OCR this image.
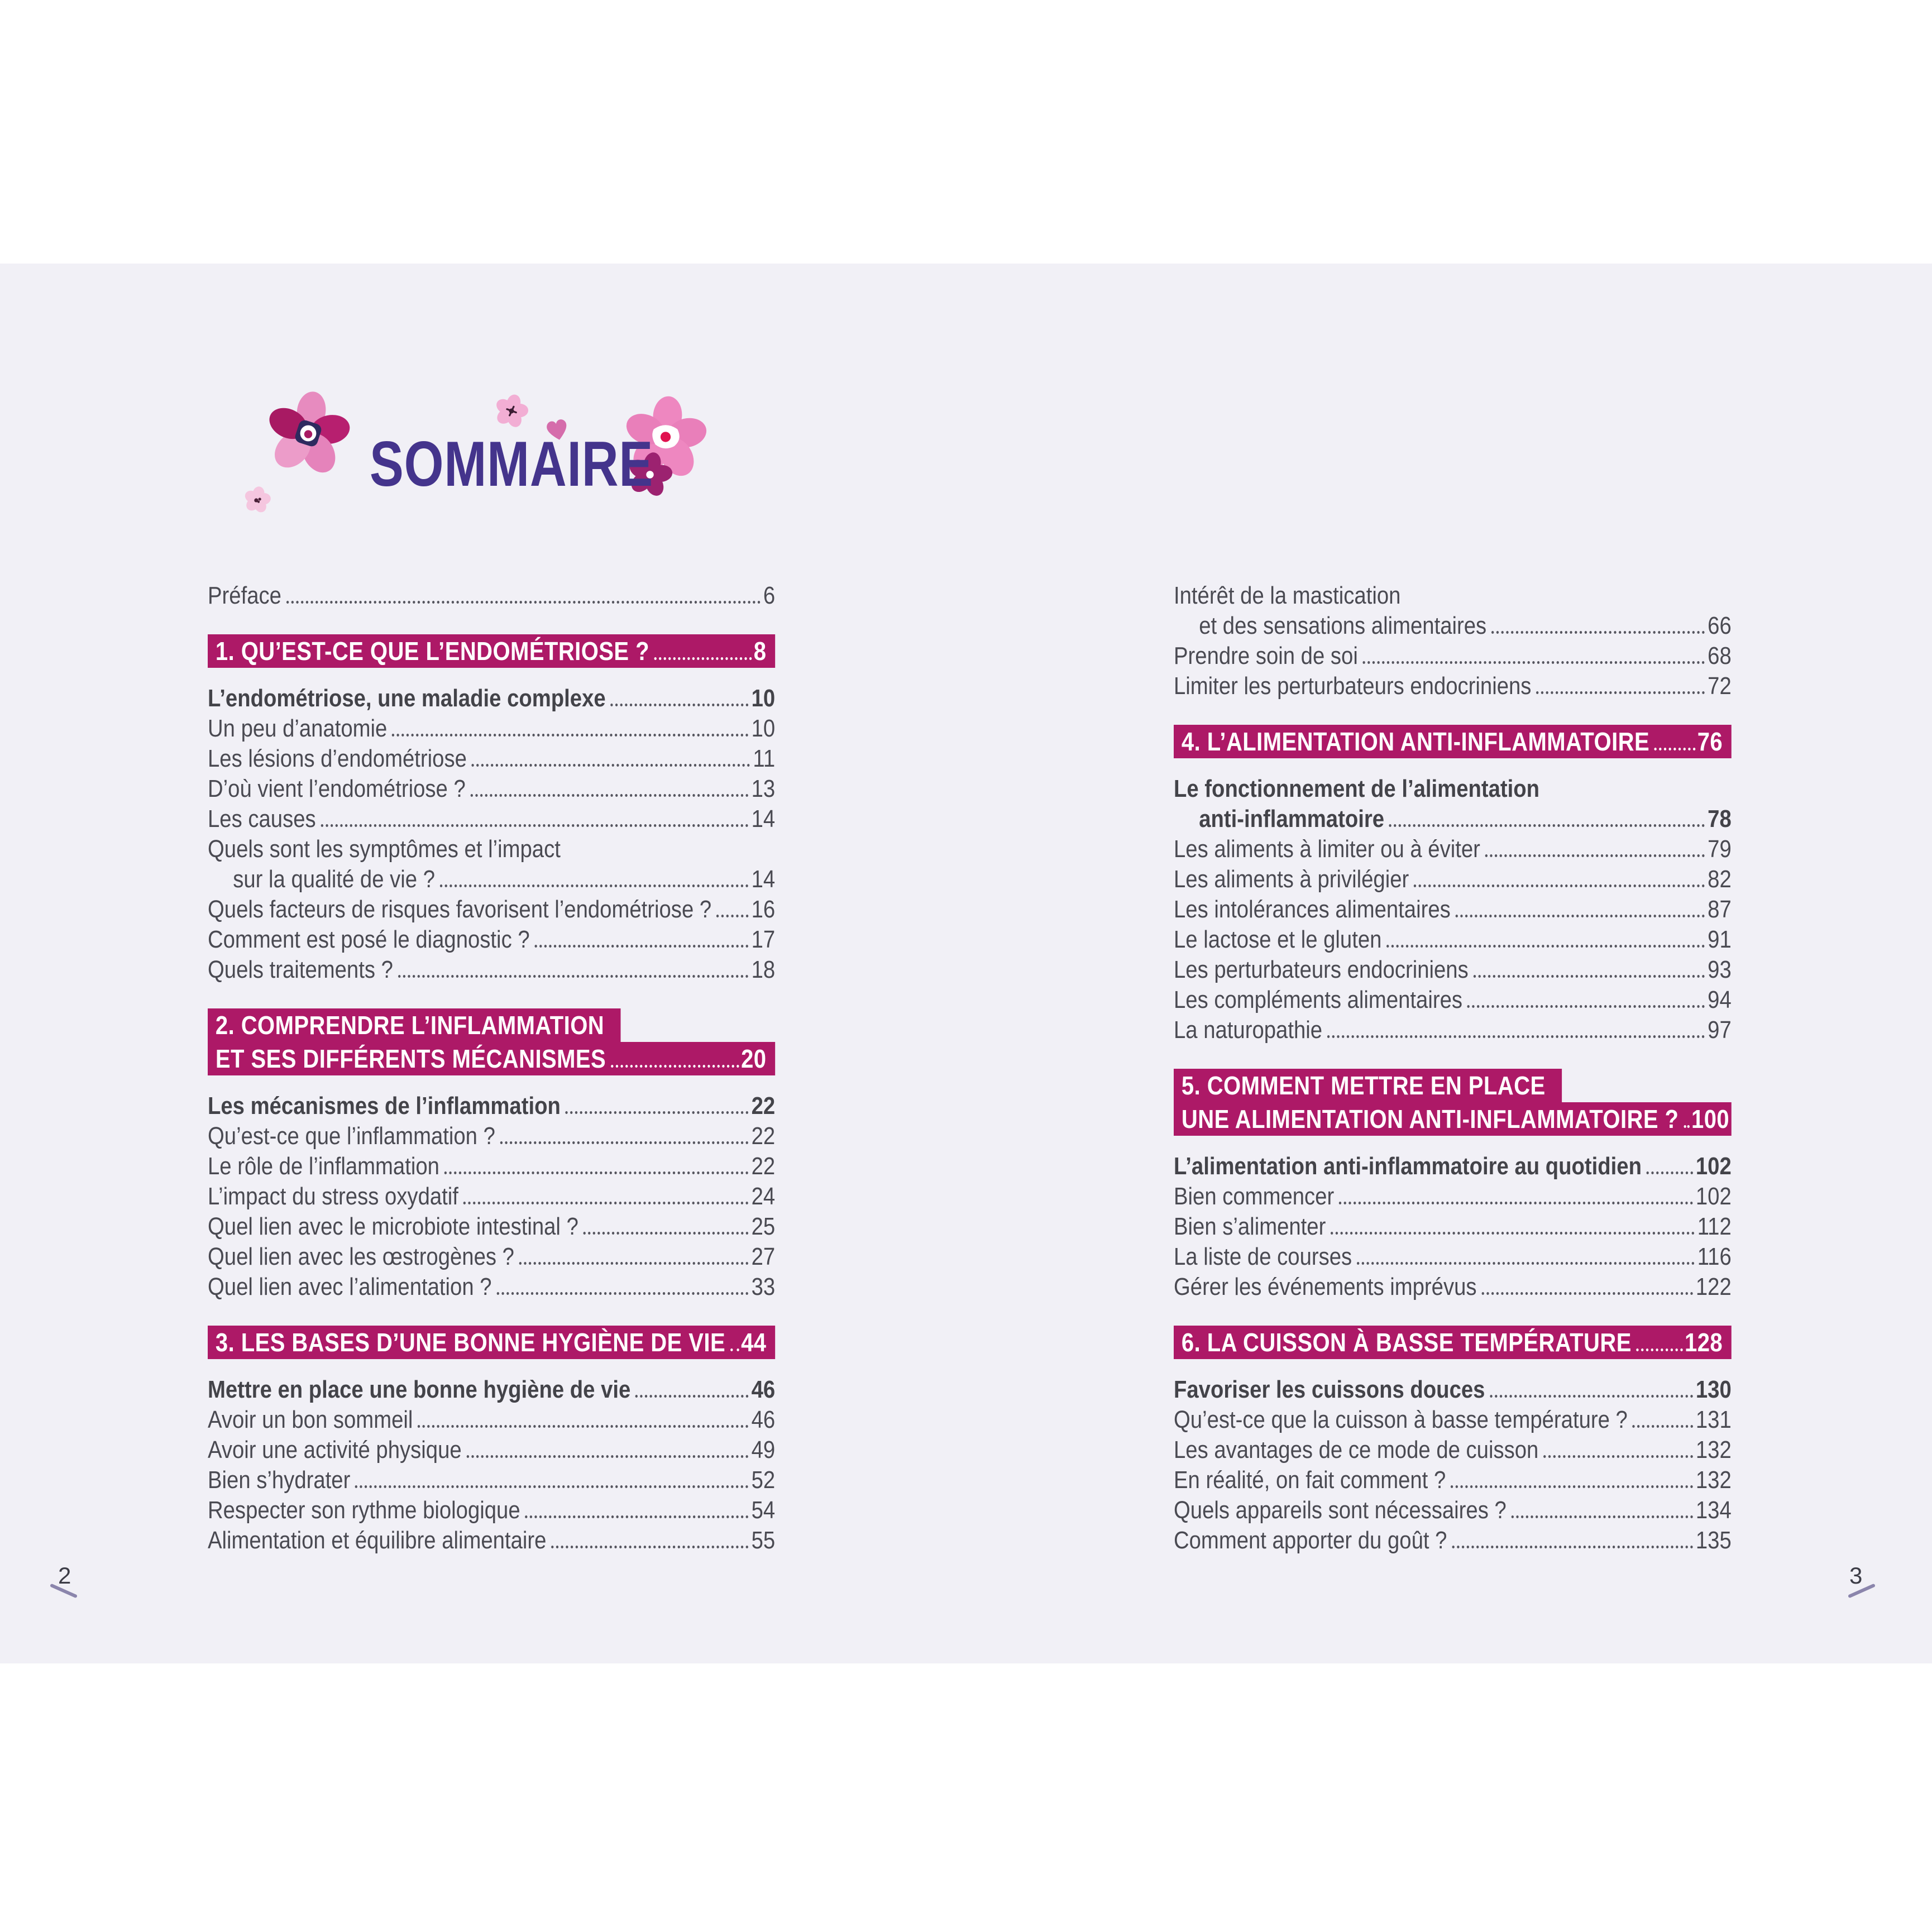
SOMMAIRE
Préface	6
1. QU’EST-CE QUE L’ENDOMÉTRIOSE ?	8
L’endométriose, une maladie complexe	10
Un peu d’anatomie	10
Les lésions d’endométriose	11
D’où vient l’endométriose ?	13
Les causes	14
Quels sont les symptômes et l’impact
sur la qualité de vie ?	14
Quels facteurs de risques favorisent l’endométriose ? 16
Comment est posé le diagnostic ?	17
Quels traitements ?	18
2. COMPRENDRE L’INFLAMMATION
ET SES DIFFÉRENTS MÉCANISMES	20
Les mécanismes de l’inflammation	22
Qu’est-ce que l’inflammation ?	22
Le rôle de l’inflammation	22
L’impact du stress oxydatif	24
Quel lien avec le microbiote intestinal ?	25
Quel lien avec les œstrogènes ?	27
Quel lien avec l’alimentation ?	33
3. LES BASES D’UNE BONNE HYGIÈNE DE VIE 44
Mettre en place une bonne hygiène de vie	46
Avoir un bon sommeil	46
Avoir une activité physique	49
Bien s’hydrater	52
Respecter son rythme biologique	54
Alimentation et équilibre alimentaire	55
Intérêt de la mastication
et des sensations alimentaires	66
Prendre soin de soi	68
Limiter les perturbateurs endocriniens	72
4. L’ALIMENTATION ANTI-INFLAMMATOIRE 76
Le fonctionnement de l’alimentation
anti-inflammatoire	78
Les aliments à limiter ou à éviter	79
Les aliments à privilégier	82
Les intolérances alimentaires	87
Le lactose et le gluten	91
Les perturbateurs endocriniens	93
Les compléments alimentaires	94
La naturopathie	97
5. COMMENT METTRE EN PLACE
UNE ALIMENTATION ANTI-INFLAMMATOIRE ? 100
L’alimentation anti-inflammatoire au quotidien 102
Bien commencer	102
Bien s’alimenter	112
La liste de courses	116
Gérer les événements imprévus	122
6. LA CUISSON À BASSE TEMPÉRATURE 128
Favoriser les cuissons douces	130
Qu’est-ce que la cuisson à basse température ?	131
Les avantages de ce mode de cuisson	132
En réalité, on fait comment ?	132
Quels appareils sont nécessaires ?	134
Comment apporter du goût ?	135
2	3
